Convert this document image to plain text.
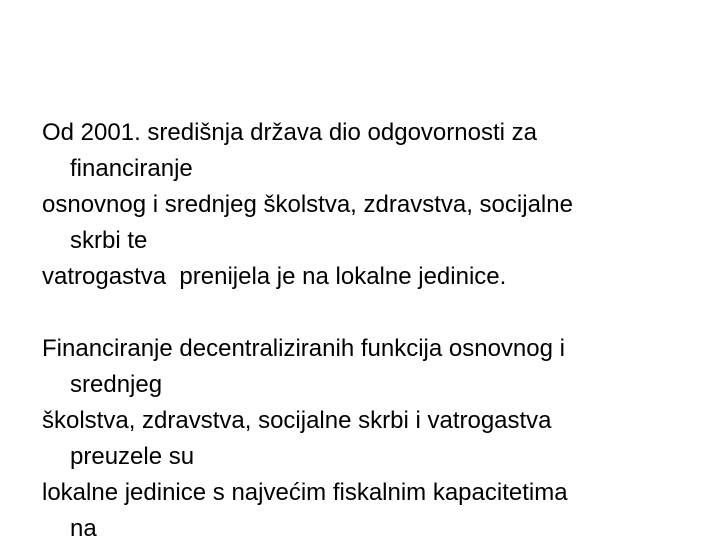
Od 2001. središnja država dio odgovornosti za

financiranje

osnovnog i srednjeg školstva, zdravstva, socijalne

skrbi te

vatrogastva  prenijela je na lokalne jedinice.

Financiranje decentraliziranih funkcija osnovnog i

srednjeg

školstva, zdravstva, socijalne skrbi i vatrogastva

preuzele su

lokalne jedinice s najvećim fiskalnim kapacitetima

na
